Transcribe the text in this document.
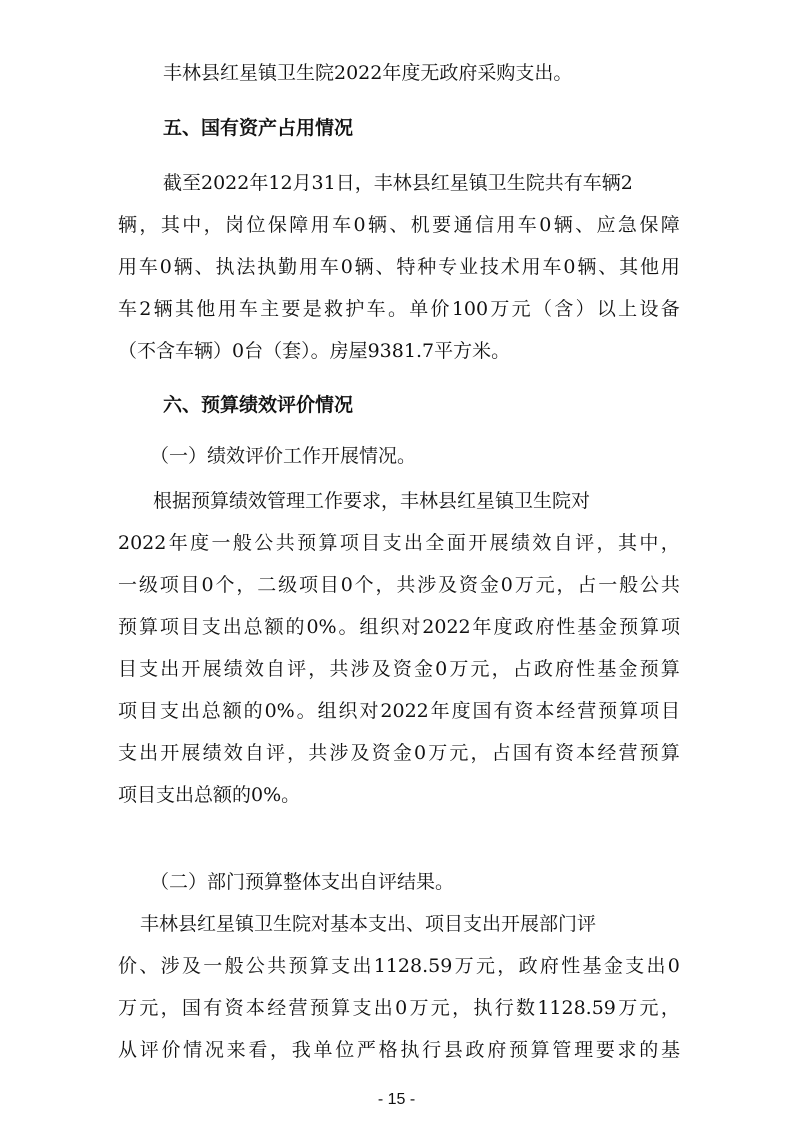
丰林县红星镇卫生院2022年度无政府采购支出。
五、国有资产占用情况
截至2022年12月31日，丰林县红星镇卫生院共有车辆2
辆 ， 其 中 ， 岗 位 保 障 用 车 0 辆 、 机 要 通 信 用 车 0 辆 、 应 急 保 障
用 车 0 辆 、 执 法 执 勤 用 车 0 辆 、 特 种 专 业 技 术 用 车 0 辆 、 其 他 用
车 2 辆 其 他 用 车 主 要 是 救 护 车 。 单 价 100 万 元 （ 含 ） 以 上 设 备
（不含车辆）0台（套）。房屋9381.7平方米。
六、预算绩效评价情况
（一）绩效评价工作开展情况。
根据预算绩效管理工作要求，丰林县红星镇卫生院对
2022 年 度 一 般 公 共 预 算 项 目 支 出 全 面 开 展 绩 效 自 评 ， 其 中 ，
一 级 项 目 0 个 ， 二 级 项 目 0 个 ， 共 涉 及 资 金 0 万 元 ， 占 一 般 公 共
预 算 项 目 支 出 总 额 的 0% 。 组 织 对 2022 年 度 政 府 性 基 金 预 算 项
目 支 出 开 展 绩 效 自 评 ， 共 涉 及 资 金 0 万 元 ， 占 政 府 性 基 金 预 算
项 目 支 出 总 额 的 0% 。 组 织 对 2022 年 度 国 有 资 本 经 营 预 算 项 目
支 出 开 展 绩 效 自 评 ， 共 涉 及 资 金 0 万 元 ， 占 国 有 资 本 经 营 预 算
项目支出总额的0%。
（二）部门预算整体支出自评结果。
丰林县红星镇卫生院对基本支出、项目支出开展部门评
价 、 涉 及 一 般 公 共 预 算 支 出 1128.59 万 元 ， 政 府 性 基 金 支 出 0
万 元 ， 国 有 资 本 经 营 预 算 支 出 0 万 元 ， 执 行 数 1128.59 万 元 ，
从 评 价 情 况 来 看 ， 我 单 位 严 格 执 行 县 政 府 预 算 管 理 要 求 的 基
- 15 -
